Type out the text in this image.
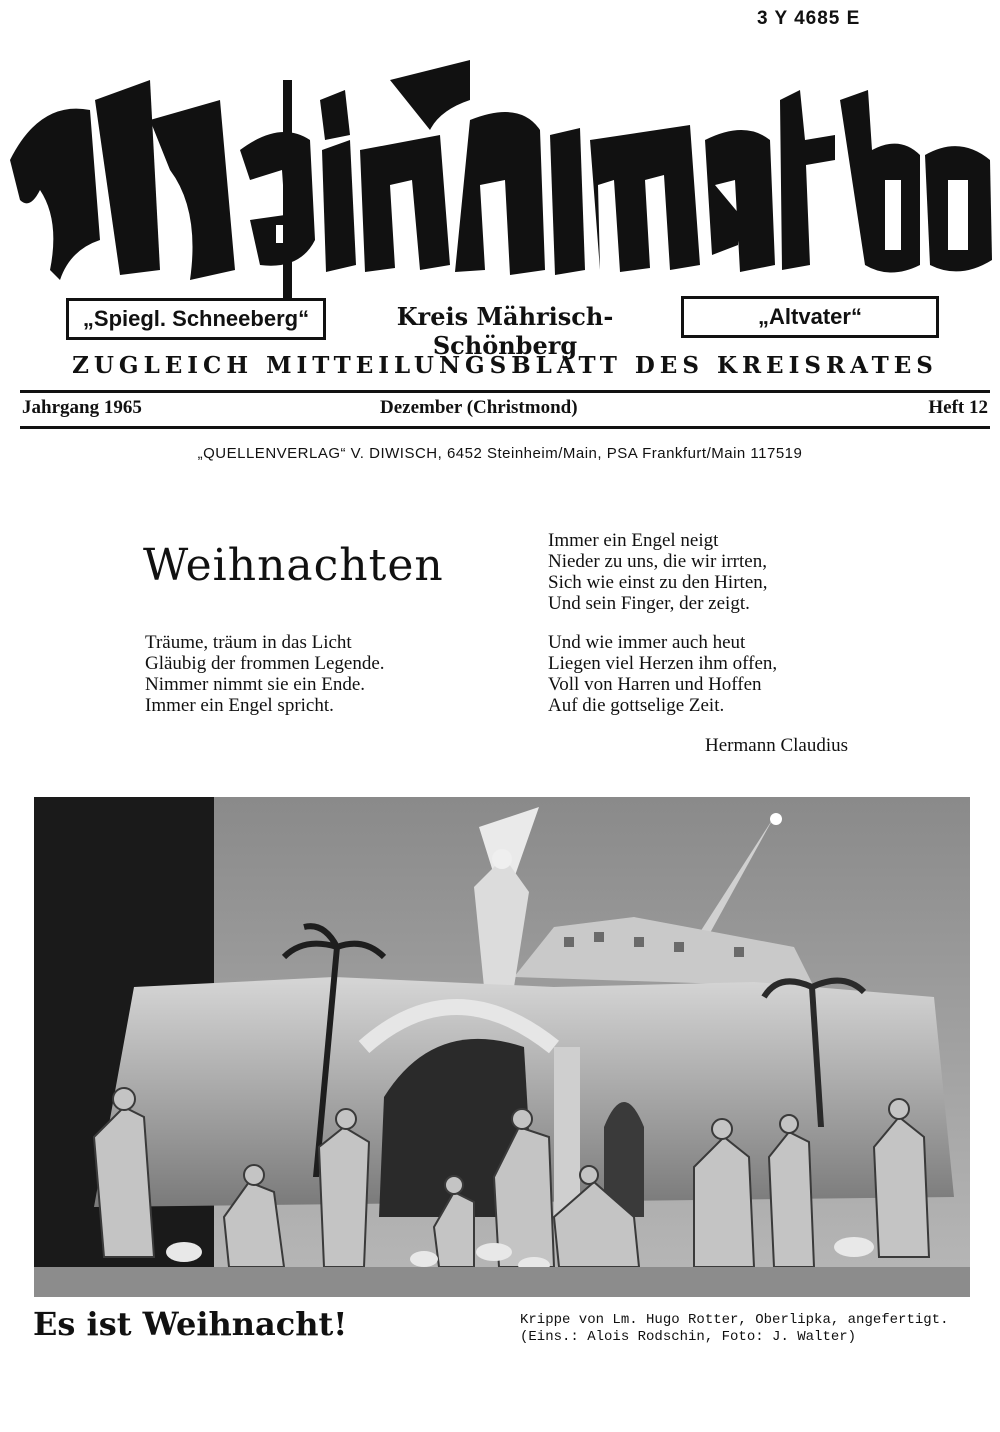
3 Y 4685 E
„Spiegl. Schneeberg“	Kreis Mährisch-Schönberg
„Altvater“
ZUGLEICH MITTEILUNGSBLATT DES KREISRATES
Jahrgang 1965	Dezember (Christmond)	Heft 12
„QUELLENVERLAG“ V. DIWISCH, 6452 Steinheim/Main, PSA Frankfurt/Main 117519
Weihnachten
Träume, träum in das Licht
Gläubig der frommen Legende.
Nimmer nimmt sie ein Ende.
Immer ein Engel spricht.
Immer ein Engel neigt
Nieder zu uns, die wir irrten,
Sich wie einst zu den Hirten,
Und sein Finger, der zeigt.
Und wie immer auch heut
Liegen viel Herzen ihm offen,
Voll von Harren und Hoffen
Auf die gottselige Zeit.
Hermann Claudius
Es ist Weihnacht!	Krippe von Lm. Hugo Rotter, Oberlipka, angefertigt.
(Eins.: Alois Rodschin, Foto: J. Walter)
